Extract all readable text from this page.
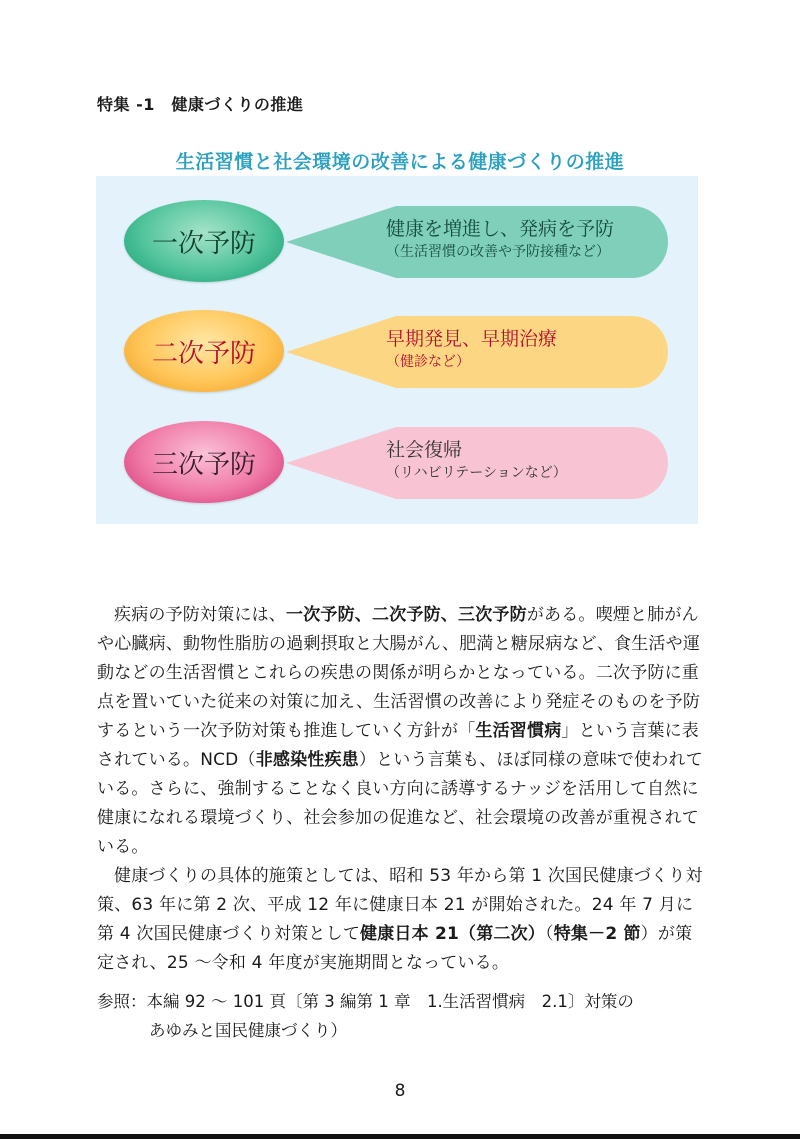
特集 -1　健康づくりの推進
生活習慣と社会環境の改善による健康づくりの推進
一次予防	健康を増進し、発病を予防
（生活習慣の改善や予防接種など）
二次予防	早期発見、早期治療
（健診など）
三次予防	社会復帰
（リハビリテーションなど）

疾病の予防対策には、一次予防、二次予防、三次予防がある。喫煙と肺がんや心臓病、動物性脂肪の過剰摂取と大腸がん、肥満と糖尿病など、食生活や運動などの生活習慣とこれらの疾患の関係が明らかとなっている。二次予防に重点を置いていた従来の対策に加え、生活習慣の改善により発症そのものを予防するという一次予防対策も推進していく方針が「生活習慣病」という言葉に表されている。NCD（非感染性疾患）という言葉も、ほぼ同様の意味で使われている。さらに、強制することなく良い方向に誘導するナッジを活用して自然に健康になれる環境づくり、社会参加の促進など、社会環境の改善が重視されている。

健康づくりの具体的施策としては、昭和 53 年から第 1 次国民健康づくり対策、63 年に第 2 次、平成 12 年に健康日本 21 が開始された。24 年 7 月に第 4 次国民健康づくり対策として健康日本 21（第二次）（特集－2 節）が策定され、25 ～令和 4 年度が実施期間となっている。

参照：本編 92 ～ 101 頁〔第 3 編第 1 章　1.生活習慣病　2.1〕対策の
あゆみと国民健康づくり）
8
